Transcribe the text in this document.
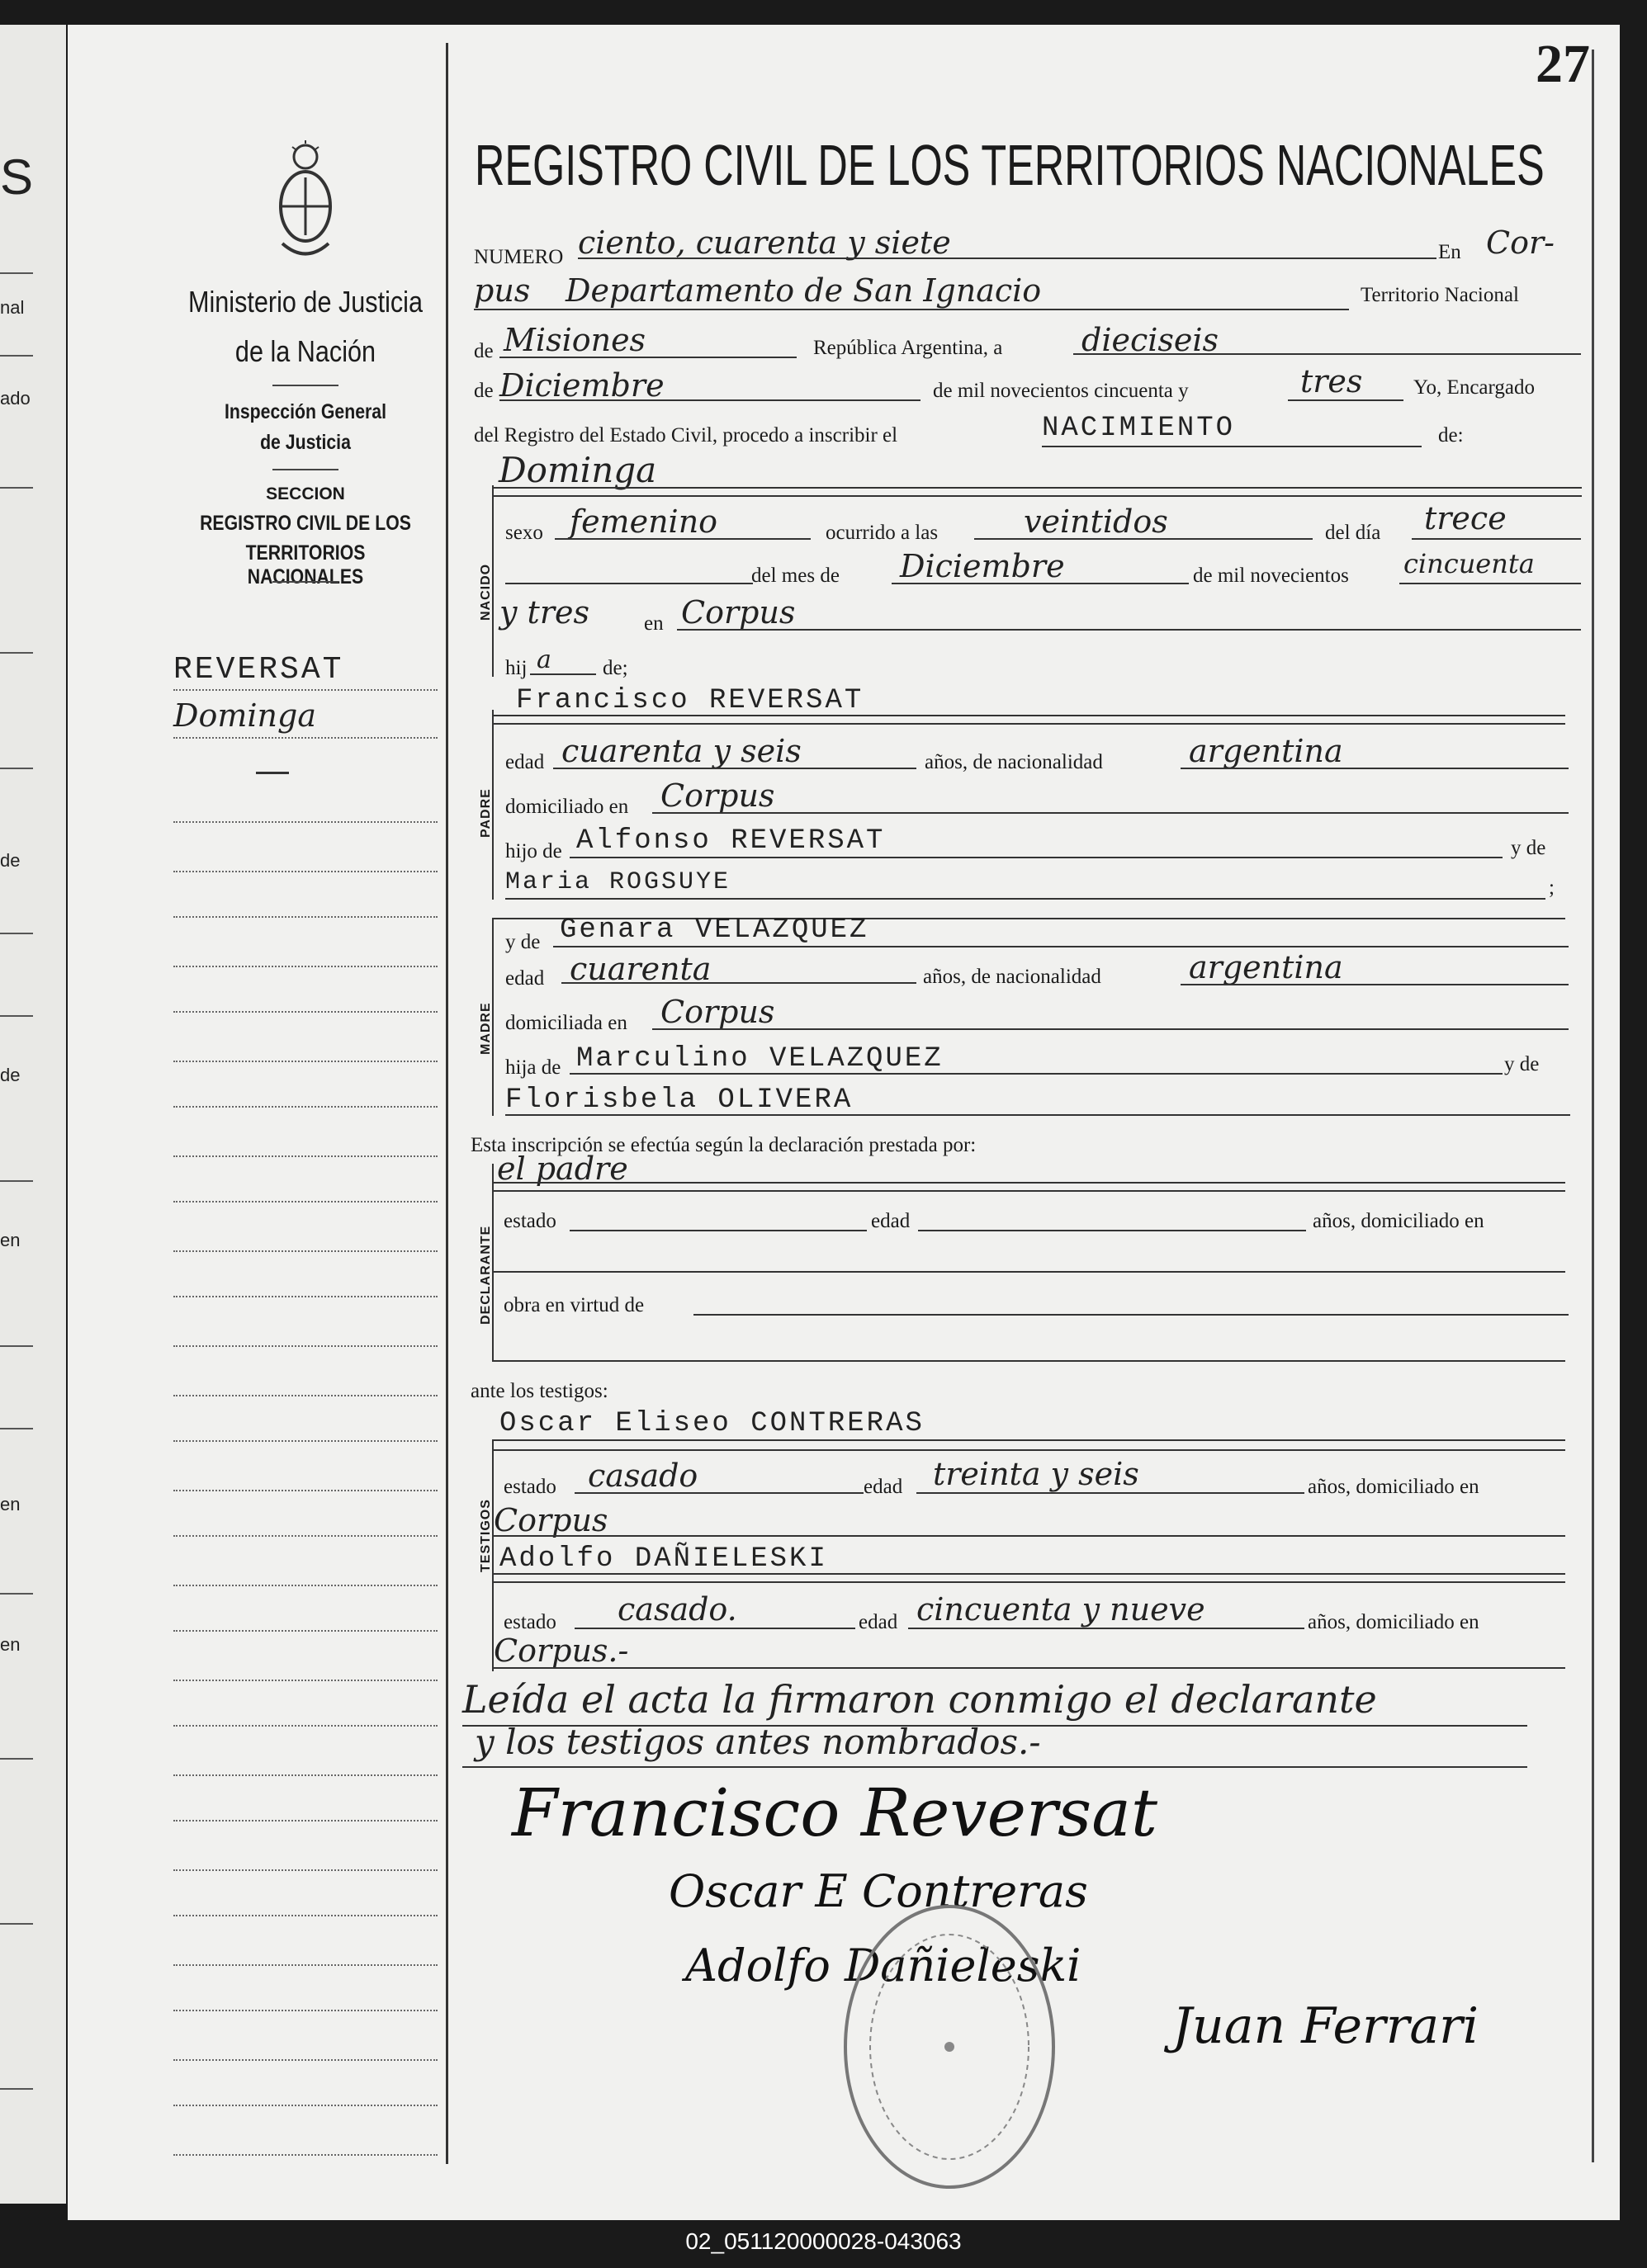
S
nal
ado
de
de
en
en
en
27
Ministerio de Justicia
de la Nación
Inspección General
de Justicia
SECCION
REGISTRO CIVIL DE LOS
TERRITORIOS NACIONALES
REVERSAT
Dominga
REGISTRO CIVIL DE LOS TERRITORIOS NACIONALES
NUMERO ciento, cuarenta y siete	En Cor-
pus Departamento de San Ignacio	Territorio Nacional
de Misiones	República Argentina, a	dieciseis
de Diciembre	de mil novecientos cincuenta y	tres Yo, Encargado
del Registro del Estado Civil, procedo a inscribir el	NACIMIENTO	de:
NACIDO
Dominga
sexo femenino	ocurrido a las	veintidos	del día trece
del mes de Diciembre	de mil novecientos cincuenta
y tres	en Corpus
hij a de;
PADRE
Francisco REVERSAT
edad cuarenta y seis	años, de nacionalidad	argentina
domiciliado en Corpus
hijo de Alfonso REVERSAT	y de
Maria ROGSUYE	;
MADRE
y de Genara VELAZQUEZ
edad cuarenta	años, de nacionalidad	argentina
domiciliada en Corpus
hija de Marculino VELAZQUEZ	y de
Florisbela OLIVERA
Esta inscripción se efectúa según la declaración prestada por:
DECLARANTE
el padre
estado	edad	años, domiciliado en
obra en virtud de
ante los testigos:
TESTIGOS
Oscar Eliseo CONTRERAS
estado casado	edad treinta y seis	años, domiciliado en
Corpus
Adolfo DAÑIELESKI
estado casado.	edad cincuenta y nueve	años, domiciliado en
Corpus.-
Leída el acta la firmaron conmigo el declarante
y los testigos antes nombrados.-
Francisco Reversat
Oscar E Contreras
Adolfo Dañieleski
Juan Ferrari
02_051120000028-043063
